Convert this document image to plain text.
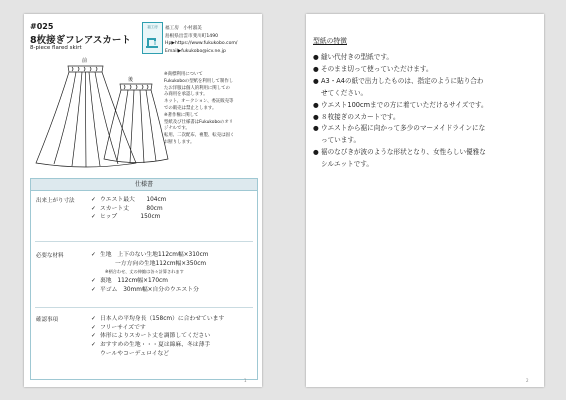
#025
8枚接ぎフレアスカート
8-piece flared skirt
福工房	福工房　小村淑美
島根県出雲市斐川町1490
Hp▶https://www.fukukobo.com/
Email▶fukukobo@icv.ne.jp
前
後
※商標利用について
Fukukoboの型紙を利用して制作し
たお洋服は個人的利用に関しての
み商用を承認します。
ネット、オークション、委託販売等
での販売は禁止とします。
※著作権に関して
型紙及び仕様書はFukukoboのオリ
ジナルです。
転用、二次配布、複製、転売は固く
お断りします。
仕様書
出来上がり寸法	✓ ウエスト最大　　104cm
✓ スカート丈　　　80cm
✓ ヒップ　　　　150cm
必要な材料	✓ 生地　上下のない生地112cm幅×310cm
一方方向の生地112cm幅×350cm
※柄合わせ、丈の伸縮は各々計算されます
✓ 裏地　112cm幅×170cm
✓ 平ゴム　30mm幅×自分のウエスト分
確認事項	✓ 日本人の平均身長（158cm）に合わせています
✓ フリーサイズです
✓ 体形によりスカート丈を調節してください
✓ おすすめの生地・・・夏は綿麻、冬は薄手
ウールやコーデュロイなど
1
型紙の特徴
● 縫い代付きの型紙です。
● そのまま切って使っていただけます。
● A3・A4の紙で出力したものは、指定のように貼り合わ
せてください。
● ウエスト100cmまでの方に着ていただけるサイズです。
● ８枚接ぎのスカートです。
● ウエストから裾に向かって多少のマーメイドラインにな
っています。
● 裾のなびきが波のような形状となり、女性らしい優雅な
シルエットです。
2
